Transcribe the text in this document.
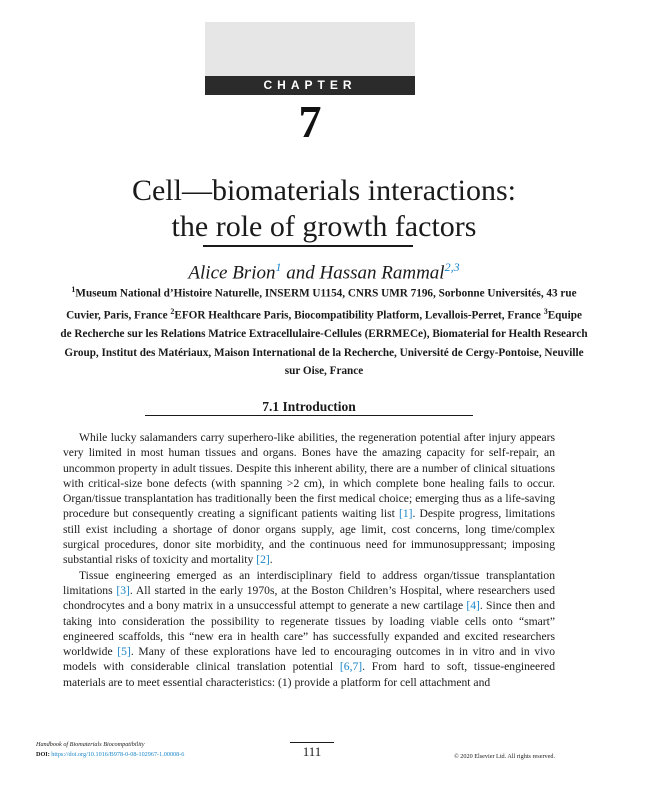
CHAPTER
7
Cell—biomaterials interactions:
the role of growth factors
Alice Brion$^1$ and Hassan Rammal$^{2,3}$
$^1$Museum National d’Histoire Naturelle, INSERM U1154, CNRS UMR 7196, Sorbonne Universités, 43 rue Cuvier, Paris, France $^2$EFOR Healthcare Paris, Biocompatibility Platform, Levallois-Perret, France $^3$Equipe de Recherche sur les Relations Matrice Extracellulaire-Cellules (ERRMECe), Biomaterial for Health Research Group, Institut des Matériaux, Maison International de la Recherche, Université de Cergy-Pontoise, Neuville sur Oise, France
7.1 Introduction

While lucky salamanders carry superhero-like abilities, the regeneration potential after injury appears very limited in most human tissues and organs. Bones have the amazing capacity for self-repair, an uncommon property in adult tissues. Despite this inherent ability, there are a number of clinical situations with critical-size bone defects (with spanning >2 cm), in which complete bone healing fails to occur. Organ/tissue transplantation has traditionally been the first medical choice; emerging thus as a life-saving procedure but consequently creating a significant patients waiting list [1]. Despite progress, limitations still exist including a shortage of donor organs supply, age limit, cost concerns, long time/complex surgical procedures, donor site morbidity, and the continuous need for immunosuppressant; imposing substantial risks of toxicity and mortality [2].

Tissue engineering emerged as an interdisciplinary field to address organ/tissue transplantation limitations [3]. All started in the early 1970s, at the Boston Children’s Hospital, where researchers used chondrocytes and a bony matrix in a unsuccessful attempt to generate a new cartilage [4]. Since then and taking into consideration the possibility to regenerate tissues by loading viable cells onto “smart” engineered scaffolds, this “new era in health care” has successfully expanded and excited researchers worldwide [5]. Many of these explorations have led to encouraging outcomes in in vitro and in vivo models with considerable clinical translation potential [6,7]. From hard to soft, tissue-engineered materials are to meet essential characteristics: (1) provide a platform for cell attachment and

Handbook of Biomaterials Biocompatibility
DOI: https://doi.org/10.1016/B978-0-08-102967-1.00008-6	111	© 2020 Elsevier Ltd. All rights reserved.
